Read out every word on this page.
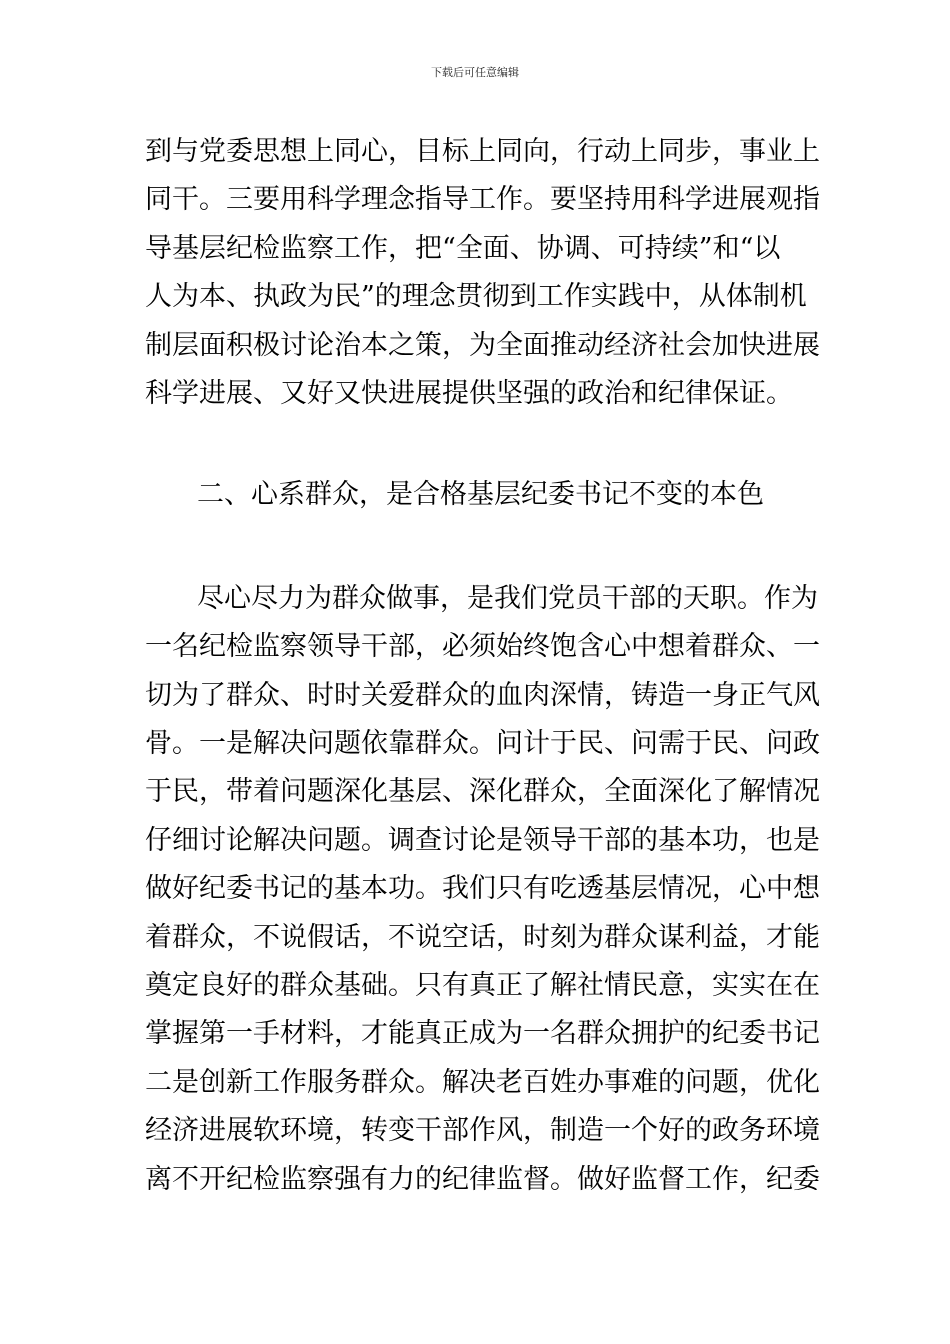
下载后可任意编辑
到与党委思想上同心，目标上同向，行动上同步，事业上
同干。三要用科学理念指导工作。要坚持用科学进展观指
导基层纪检监察工作，把“全面、协调、可持续”和“以
人为本、执政为民”的理念贯彻到工作实践中，从体制机
制层面积极讨论治本之策，为全面推动经济社会加快进展
科学进展、又好又快进展提供坚强的政治和纪律保证。
二、心系群众，是合格基层纪委书记不变的本色
尽心尽力为群众做事，是我们党员干部的天职。作为
一名纪检监察领导干部，必须始终饱含心中想着群众、一
切为了群众、时时关爱群众的血肉深情，铸造一身正气风
骨。一是解决问题依靠群众。问计于民、问需于民、问政
于民，带着问题深化基层、深化群众，全面深化了解情况
仔细讨论解决问题。调查讨论是领导干部的基本功，也是
做好纪委书记的基本功。我们只有吃透基层情况，心中想
着群众，不说假话，不说空话，时刻为群众谋利益，才能
奠定良好的群众基础。只有真正了解社情民意，实实在在
掌握第一手材料，才能真正成为一名群众拥护的纪委书记
二是创新工作服务群众。解决老百姓办事难的问题，优化
经济进展软环境，转变干部作风，制造一个好的政务环境
离不开纪检监察强有力的纪律监督。做好监督工作，纪委
